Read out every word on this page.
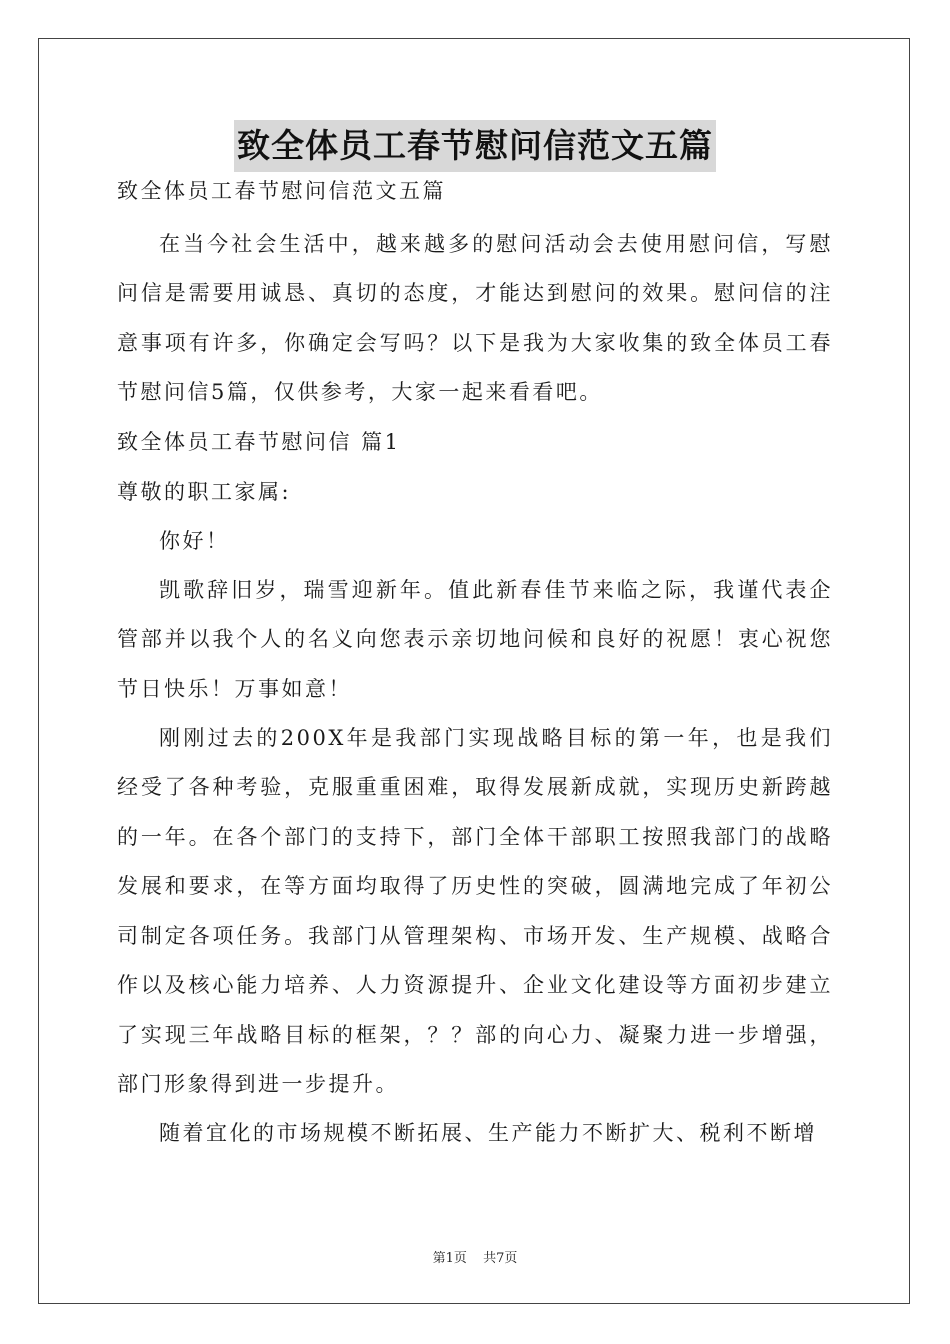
致全体员工春节慰问信范文五篇

致全体员工春节慰问信范文五篇

在当今社会生活中，越来越多的慰问活动会去使用慰问信，写慰问信是需要用诚恳、真切的态度，才能达到慰问的效果。慰问信的注意事项有许多，你确定会写吗？以下是我为大家收集的致全体员工春节慰问信5篇，仅供参考，大家一起来看看吧。

致全体员工春节慰问信 篇1

尊敬的职工家属:

你好！

凯歌辞旧岁，瑞雪迎新年。值此新春佳节来临之际，我谨代表企管部并以我个人的名义向您表示亲切地问候和良好的祝愿！衷心祝您节日快乐！万事如意！

刚刚过去的200X年是我部门实现战略目标的第一年，也是我们经受了各种考验，克服重重困难，取得发展新成就，实现历史新跨越的一年。在各个部门的支持下，部门全体干部职工按照我部门的战略发展和要求，在等方面均取得了历史性的突破，圆满地完成了年初公司制定各项任务。我部门从管理架构、市场开发、生产规模、战略合作以及核心能力培养、人力资源提升、企业文化建设等方面初步建立了实现三年战略目标的框架，？？部的向心力、凝聚力进一步增强，部门形象得到进一步提升。

随着宜化的市场规模不断拓展、生产能力不断扩大、税利不断增

第1页 共7页
